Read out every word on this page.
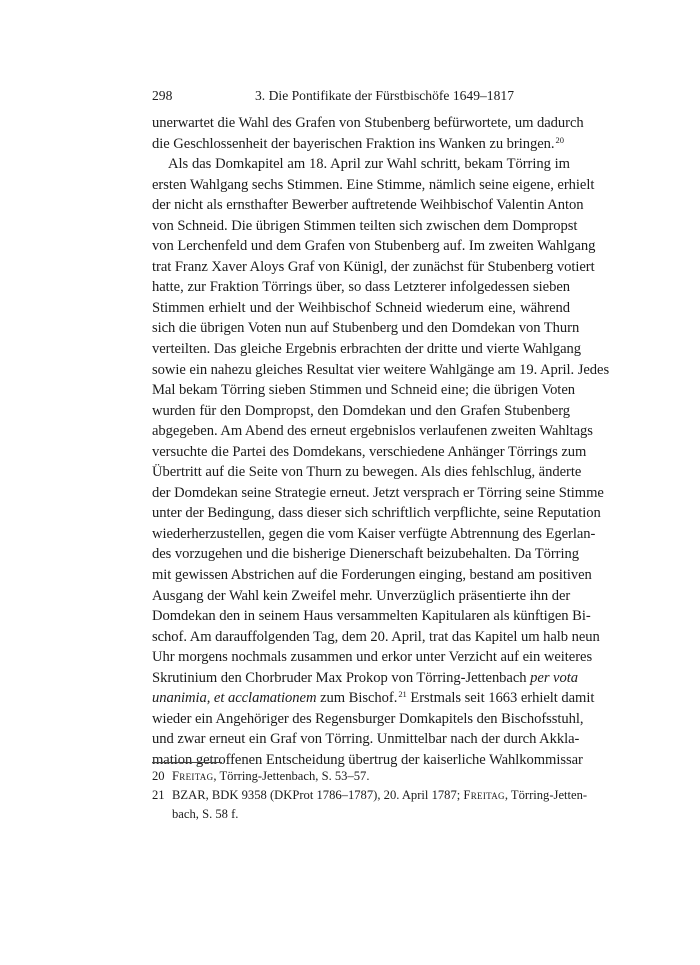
298	3. Die Pontifikate der Fürstbischöfe 1649–1817
unerwartet die Wahl des Grafen von Stubenberg befürwortete, um dadurch
die Geschlossenheit der bayerischen Fraktion ins Wanken zu bringen.$^{20}$
Als das Domkapitel am 18. April zur Wahl schritt, bekam Törring im
ersten Wahlgang sechs Stimmen. Eine Stimme, nämlich seine eigene, erhielt
der nicht als ernsthafter Bewerber auftretende Weihbischof Valentin Anton
von Schneid. Die übrigen Stimmen teilten sich zwischen dem Dompropst
von Lerchenfeld und dem Grafen von Stubenberg auf. Im zweiten Wahlgang
trat Franz Xaver Aloys Graf von Künigl, der zunächst für Stubenberg votiert
hatte, zur Fraktion Törrings über, so dass Letzterer infolgedessen sieben
Stimmen erhielt und der Weihbischof Schneid wiederum eine, während
sich die übrigen Voten nun auf Stubenberg und den Domdekan von Thurn
verteilten. Das gleiche Ergebnis erbrachten der dritte und vierte Wahlgang
sowie ein nahezu gleiches Resultat vier weitere Wahlgänge am 19. April. Jedes
Mal bekam Törring sieben Stimmen und Schneid eine; die übrigen Voten
wurden für den Dompropst, den Domdekan und den Grafen Stubenberg
abgegeben. Am Abend des erneut ergebnislos verlaufenen zweiten Wahltags
versuchte die Partei des Domdekans, verschiedene Anhänger Törrings zum
Übertritt auf die Seite von Thurn zu bewegen. Als dies fehlschlug, änderte
der Domdekan seine Strategie erneut. Jetzt versprach er Törring seine Stimme
unter der Bedingung, dass dieser sich schriftlich verpflichte, seine Reputation
wiederherzustellen, gegen die vom Kaiser verfügte Abtrennung des Egerlan-
des vorzugehen und die bisherige Dienerschaft beizubehalten. Da Törring
mit gewissen Abstrichen auf die Forderungen einging, bestand am positiven
Ausgang der Wahl kein Zweifel mehr. Unverzüglich präsentierte ihn der
Domdekan den in seinem Haus versammelten Kapitularen als künftigen Bi-
schof. Am darauffolgenden Tag, dem 20. April, trat das Kapitel um halb neun
Uhr morgens nochmals zusammen und erkor unter Verzicht auf ein weiteres
Skrutinium den Chorbruder Max Prokop von Törring-Jettenbach per vota
unanimia, et acclamationem zum Bischof.$^{21}$ Erstmals seit 1663 erhielt damit
wieder ein Angehöriger des Regensburger Domkapitels den Bischofsstuhl,
und zwar erneut ein Graf von Törring. Unmittelbar nach der durch Akkla-
mation getroffenen Entscheidung übertrug der kaiserliche Wahlkommissar
20 Freitag, Törring-Jettenbach, S. 53–57.
21 BZAR, BDK 9358 (DKProt 1786–1787), 20. April 1787; Freitag, Törring-Jetten-
bach, S. 58 f.
